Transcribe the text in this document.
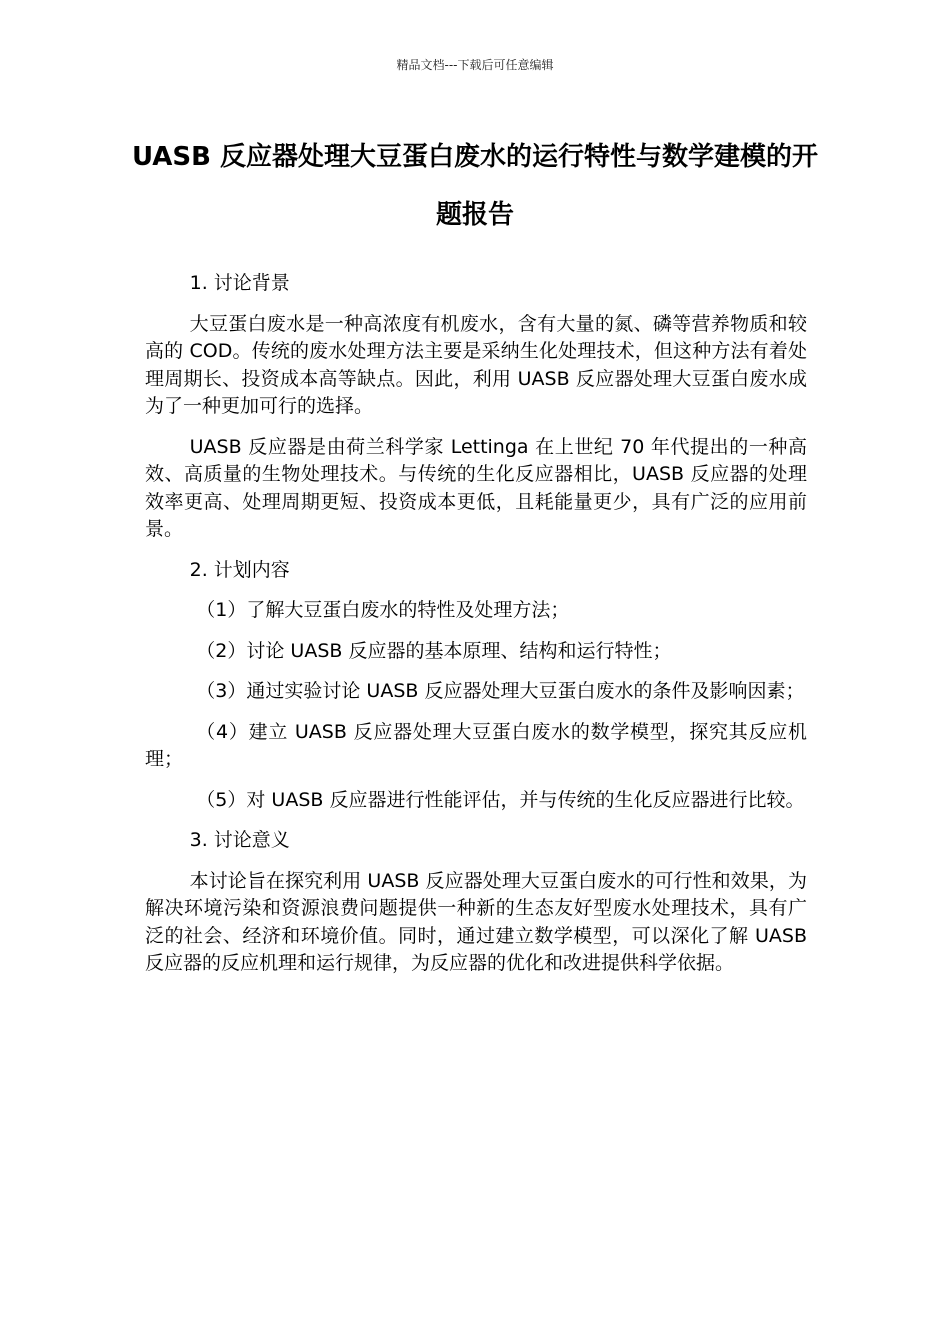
精品文档---下载后可任意编辑
UASB 反应器处理大豆蛋白废水的运行特性与数学建模的开题报告

1. 讨论背景

大豆蛋白废水是一种高浓度有机废水，含有大量的氮、磷等营养物质和较高的 COD。传统的废水处理方法主要是采纳生化处理技术，但这种方法有着处理周期长、投资成本高等缺点。因此，利用 UASB 反应器处理大豆蛋白废水成为了一种更加可行的选择。

UASB 反应器是由荷兰科学家 Lettinga 在上世纪 70 年代提出的一种高效、高质量的生物处理技术。与传统的生化反应器相比，UASB 反应器的处理效率更高、处理周期更短、投资成本更低，且耗能量更少，具有广泛的应用前景。

2. 计划内容

（1）了解大豆蛋白废水的特性及处理方法；

（2）讨论 UASB 反应器的基本原理、结构和运行特性；

（3）通过实验讨论 UASB 反应器处理大豆蛋白废水的条件及影响因素；

（4）建立 UASB 反应器处理大豆蛋白废水的数学模型，探究其反应机理；

（5）对 UASB 反应器进行性能评估，并与传统的生化反应器进行比较。

3. 讨论意义

本讨论旨在探究利用 UASB 反应器处理大豆蛋白废水的可行性和效果，为解决环境污染和资源浪费问题提供一种新的生态友好型废水处理技术，具有广泛的社会、经济和环境价值。同时，通过建立数学模型，可以深化了解 UASB 反应器的反应机理和运行规律，为反应器的优化和改进提供科学依据。
